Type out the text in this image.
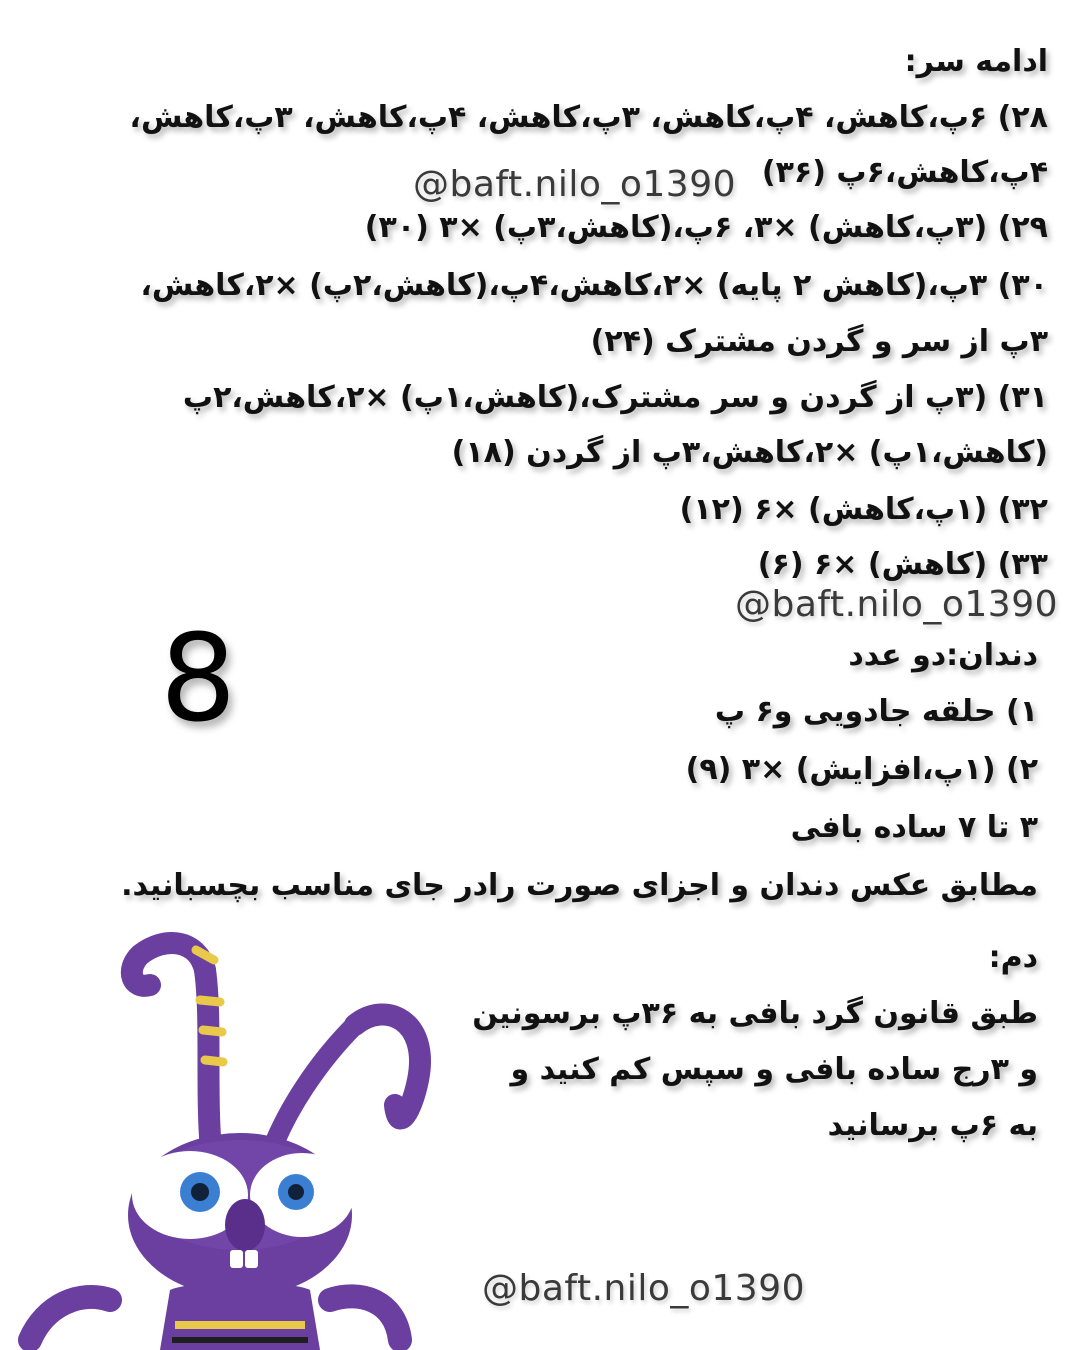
ادامه سر:
۲۸) ۶پ،کاهش، ۴پ،کاهش، ۳پ،کاهش، ۴پ،کاهش، ۳پ،کاهش،
۴پ،کاهش،۶پ (۳۶)
۲۹) (۳پ،کاهش) ×۳، ۶پ،(کاهش،۳پ) ×۳ (۳۰)
۳۰) ۳پ،(کاهش ۲ پایه) ×۲،کاهش،۴پ،(کاهش،۲پ) ×۲،کاهش،
۳پ از سر و گردن مشترک (۲۴)
۳۱) (۳پ از گردن و سر مشترک،(کاهش،۱پ) ×۲،کاهش،۲پ
(کاهش،۱پ) ×۲،کاهش،۳پ از گردن (۱۸)
۳۲) (۱پ،کاهش) ×۶ (۱۲)
۳۳) (کاهش) ×۶ (۶)
@baft.nilo_o1390
@baft.nilo_o1390
8	دندان:دو عدد
۱) حلقه جادویی و۶ پ
۲) (۱پ،افزایش) ×۳ (۹)
۳ تا ۷ ساده بافی
مطابق عکس دندان و اجزای صورت رادر جای مناسب بچسبانید.
دم:
طبق قانون گرد بافی به ۳۶پ برسونین
و ۳رج ساده بافی و سپس کم کنید و
به ۶پ برسانید
@baft.nilo_o1390
